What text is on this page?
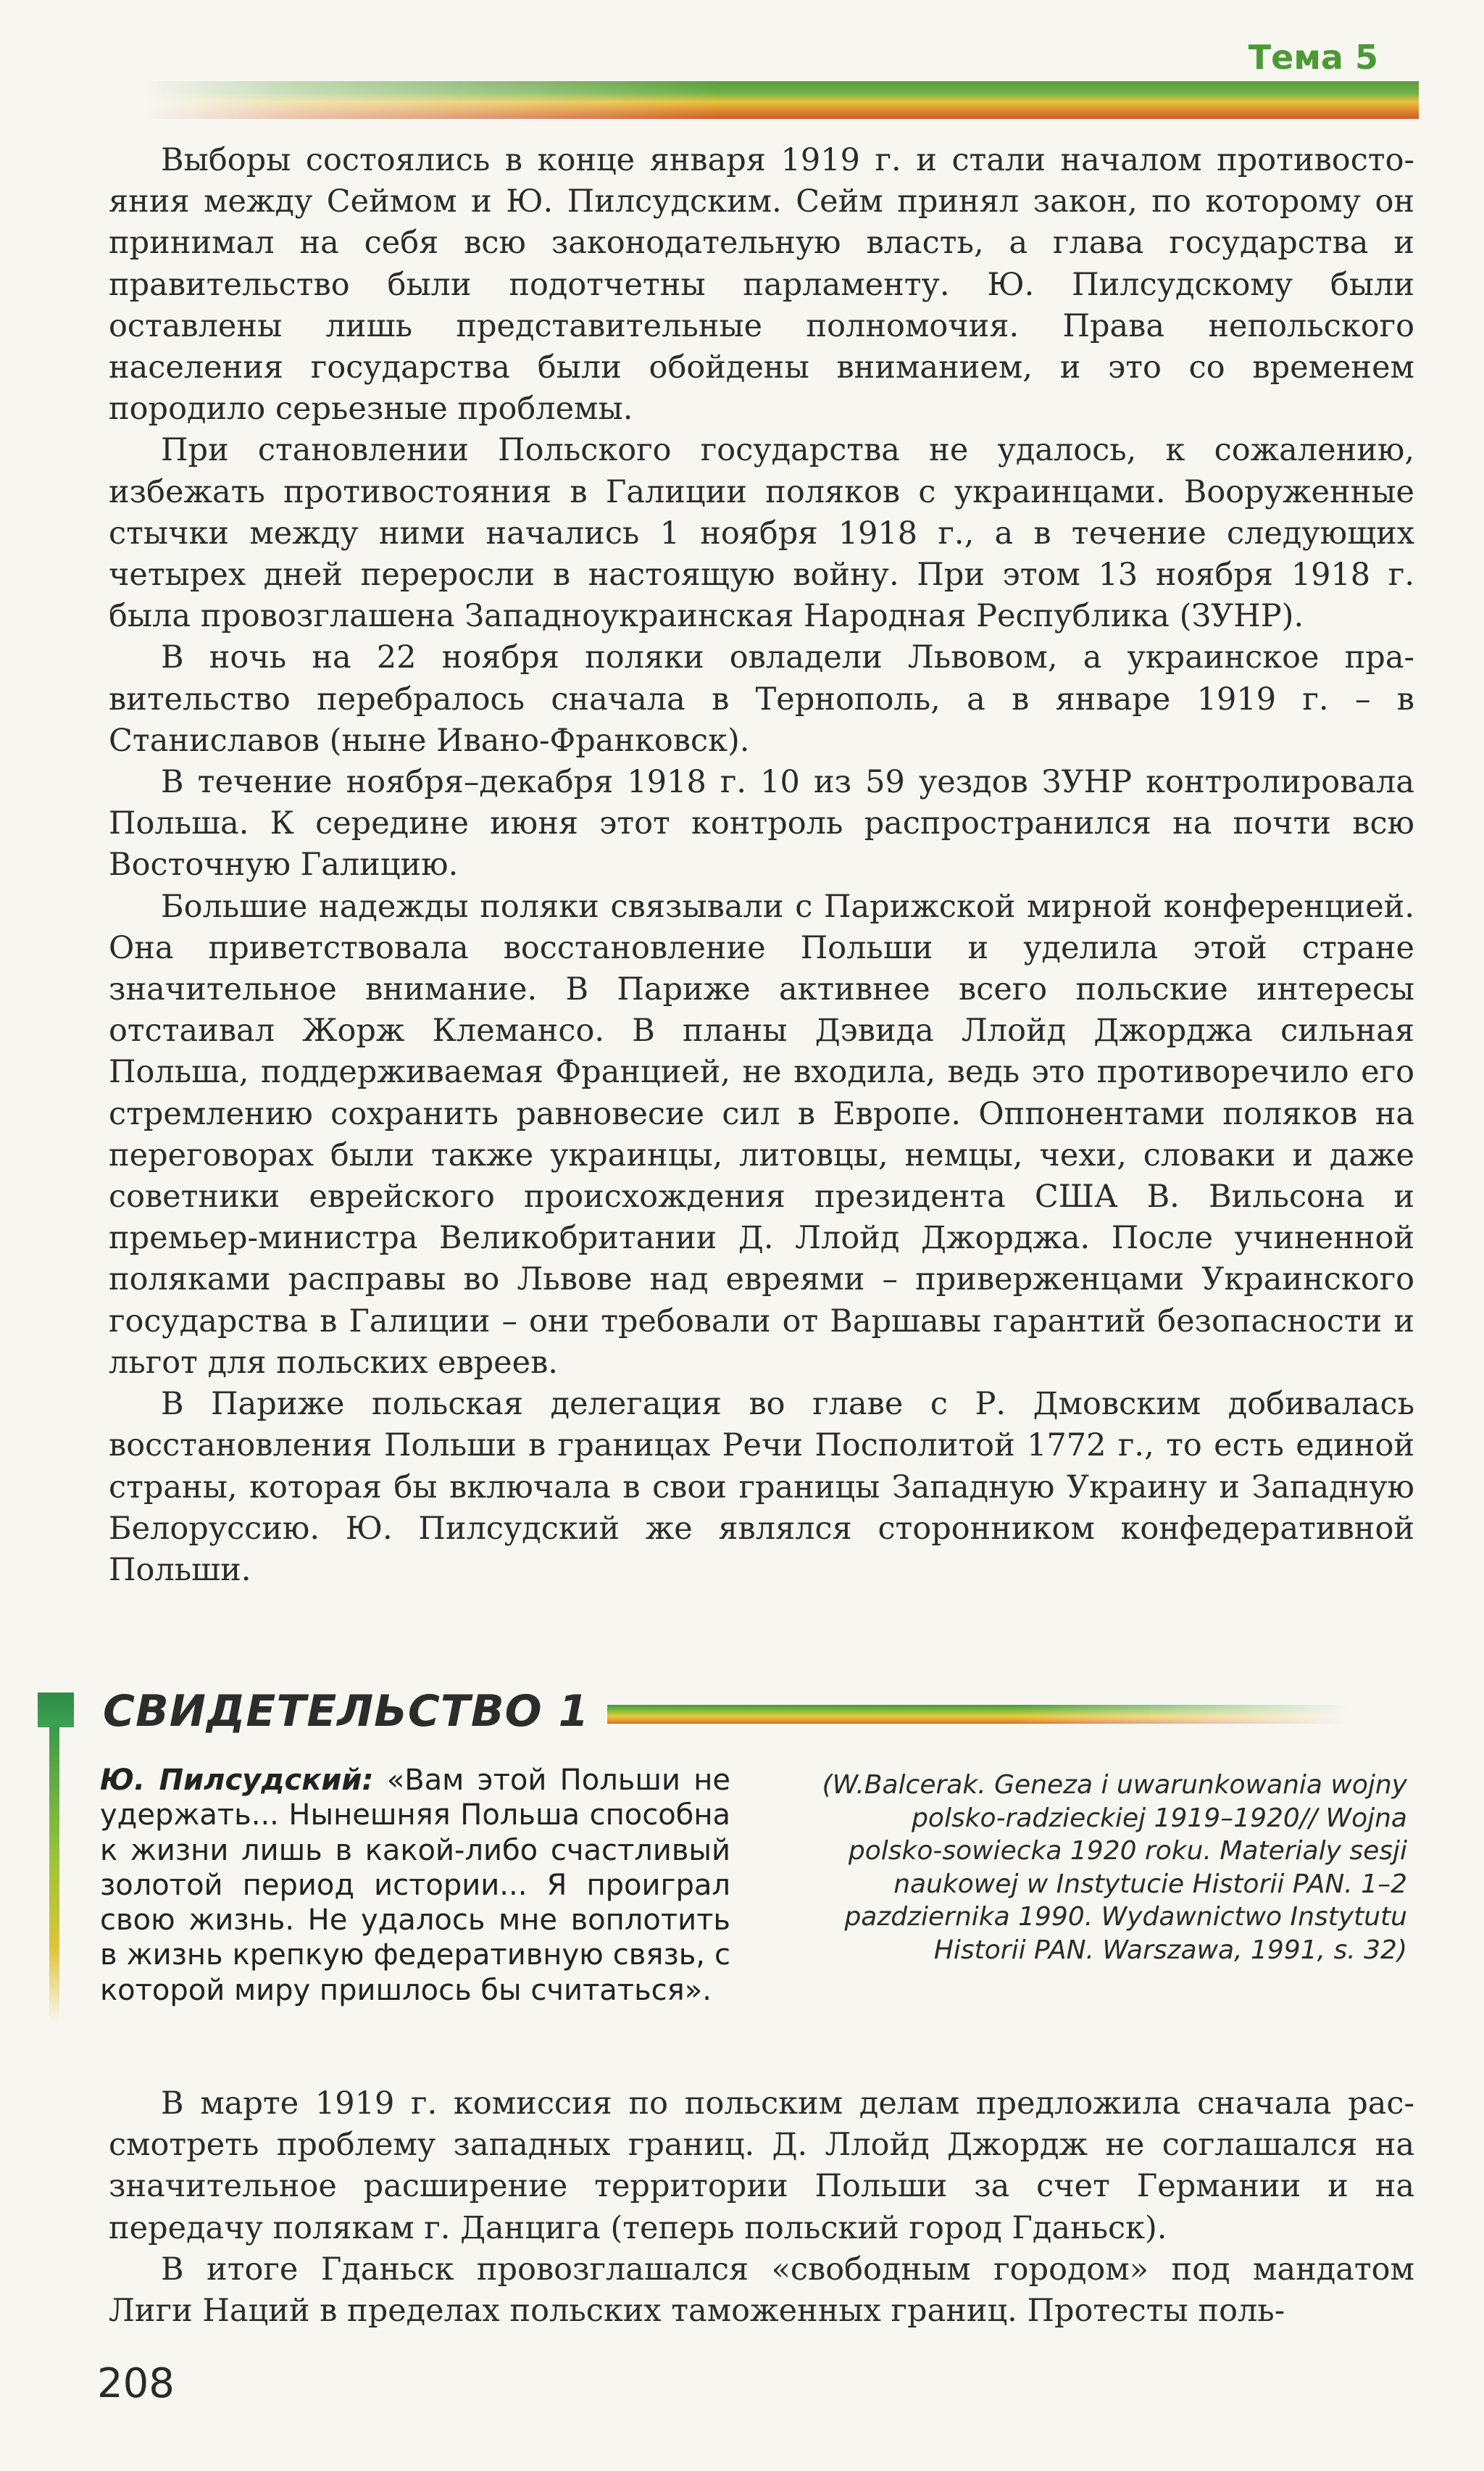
Тема 5

Выборы состоялись в конце января 1919 г. и стали началом противостояния между Сеймом и Ю. Пилсудским. Сейм принял закон, по которому он принимал на себя всю законодательную власть, а глава государства и правительство были подотчетны парламенту. Ю. Пилсудскому были оставлены лишь представительные полномочия. Права непольского населения государства были обойдены вниманием, и это со временем породило серьезные проблемы.

При становлении Польского государства не удалось, к сожалению, избежать противостояния в Галиции поляков с украинцами. Вооруженные стычки между ними начались 1 ноября 1918 г., а в течение следующих четырех дней переросли в настоящую войну. При этом 13 ноября 1918 г. была провозглашена Западноукраинская Народная Республика (ЗУНР).

В ночь на 22 ноября поляки овладели Львовом, а украинское правительство перебралось сначала в Тернополь, а в январе 1919 г. – в Станиславов (ныне Ивано-Франковск).

В течение ноября–декабря 1918 г. 10 из 59 уездов ЗУНР контролировала Польша. К середине июня этот контроль распространился на почти всю Восточную Галицию.

Большие надежды поляки связывали с Парижской мирной конференцией. Она приветствовала восстановление Польши и уделила этой стране значительное внимание. В Париже активнее всего польские интересы отстаивал Жорж Клемансо. В планы Дэвида Ллойд Джорджа сильная Польша, поддерживаемая Францией, не входила, ведь это противоречило его стремлению сохранить равновесие сил в Европе. Оппонентами поляков на переговорах были также украинцы, литовцы, немцы, чехи, словаки и даже советники еврейского происхождения президента США В. Вильсона и премьер-министра Великобритании Д. Ллойд Джорджа. После учиненной поляками расправы во Львове над евреями – приверженцами Украинского государства в Галиции – они требовали от Варшавы гарантий безопасности и льгот для польских евреев.

В Париже польская делегация во главе с Р. Дмовским добивалась восстановления Польши в границах Речи Посполитой 1772 г., то есть единой страны, которая бы включала в свои границы Западную Украину и Западную Белоруссию. Ю. Пилсудский же являлся сторонником конфедеративной Польши.

СВИДЕТЕЛЬСТВО 1

Ю. Пилсудский: «Вам этой Польши не удержать... Нынешняя Польша способна к жизни лишь в какой-либо счастливый золотой период истории... Я проиграл свою жизнь. Не удалось мне воплотить в жизнь крепкую федеративную связь, с которой миру пришлось бы считаться».

(W.Balcerak. Geneza i uwarunkowania wojny polsko-radzieckiej 1919–1920// Wojna polsko-sowiecka 1920 roku. Materialy sesji naukowej w Instytucie Historii PAN. 1–2 pazdziernika 1990. Wydawnictwo Instytutu Historii PAN. Warszawa, 1991, s. 32)

В марте 1919 г. комиссия по польским делам предложила сначала рассмотреть проблему западных границ. Д. Ллойд Джордж не соглашался на значительное расширение территории Польши за счет Германии и на передачу полякам г. Данцига (теперь польский город Гданьск).

В итоге Гданьск провозглашался «свободным городом» под мандатом Лиги Наций в пределах польских таможенных границ. Протесты поль-

208
